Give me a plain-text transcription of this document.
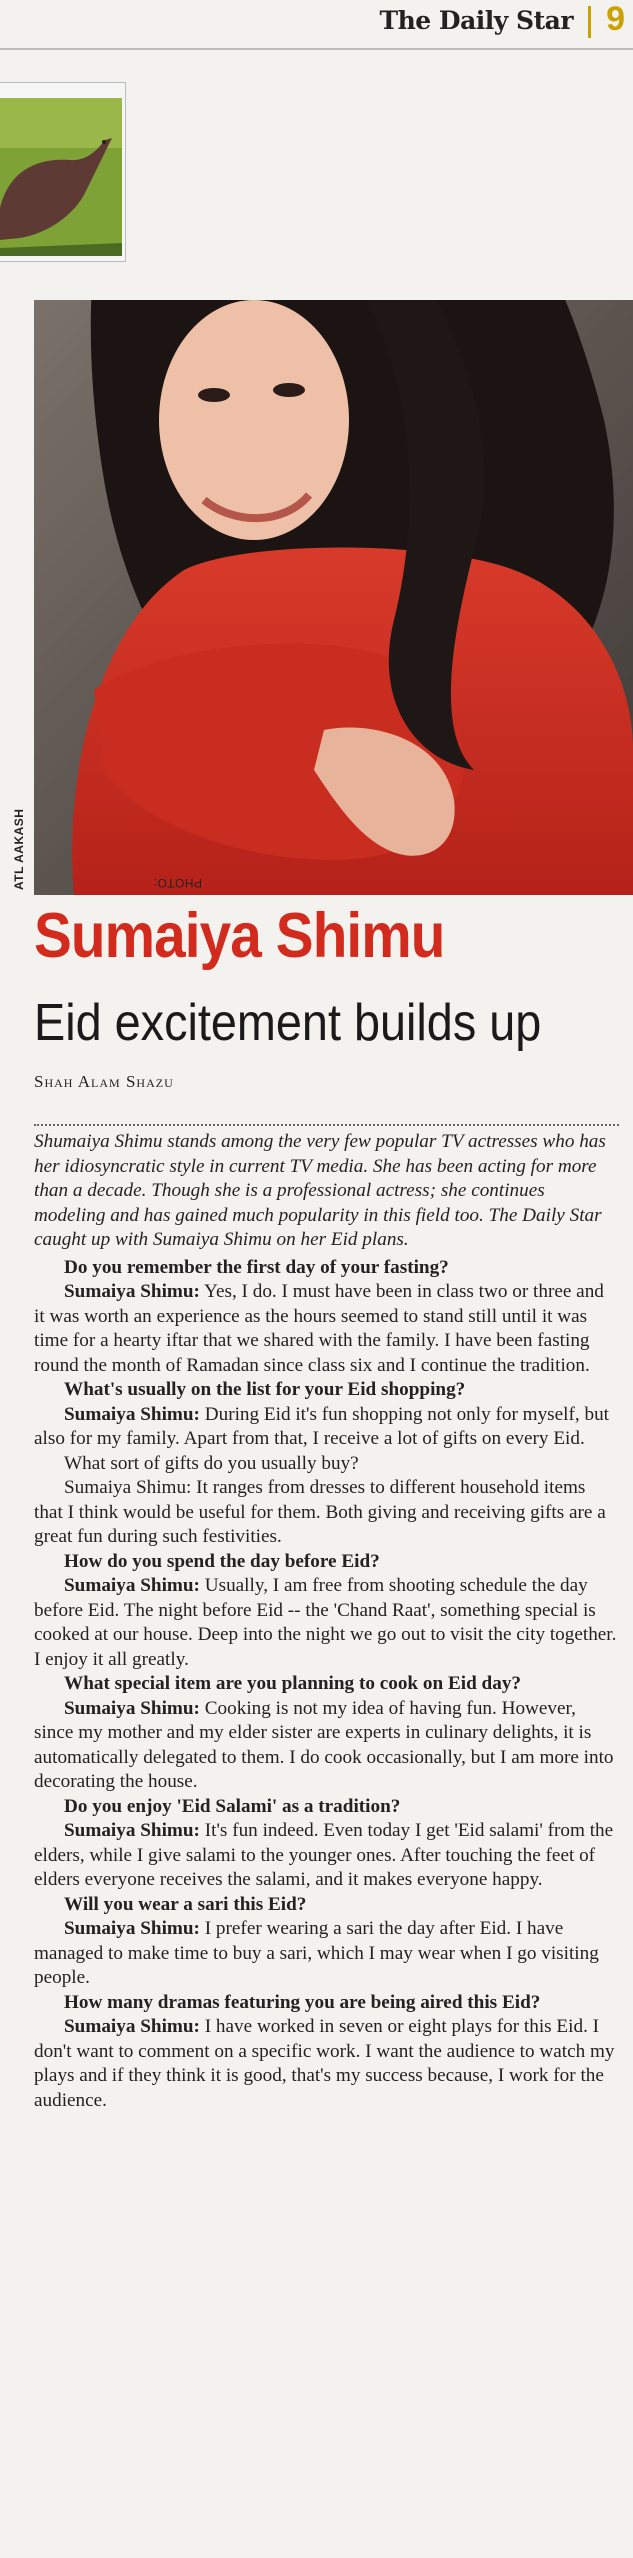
The Daily Star 9
PHOTO:
ATL AAKASH
Sumaiya Shimu
Eid excitement builds up
Shah Alam Shazu

Shumaiya Shimu stands among the very few popular TV actresses who has her idiosyncratic style in current TV media. She has been acting for more than a decade. Though she is a professional actress; she continues modeling and has gained much popularity in this field too. The Daily Star caught up with Sumaiya Shimu on her Eid plans.

Do you remember the first day of your fasting?

Sumaiya Shimu: Yes, I do. I must have been in class two or three and it was worth an experience as the hours seemed to stand still until it was time for a hearty iftar that we shared with the family. I have been fasting round the month of Ramadan since class six and I continue the tradition.

What's usually on the list for your Eid shopping?

Sumaiya Shimu: During Eid it's fun shopping not only for myself, but also for my family. Apart from that, I receive a lot of gifts on every Eid.

What sort of gifts do you usually buy?

Sumaiya Shimu: It ranges from dresses to different household items that I think would be useful for them. Both giving and receiving gifts are a great fun during such festivities.

How do you spend the day before Eid?

Sumaiya Shimu: Usually, I am free from shooting schedule the day before Eid. The night before Eid -- the 'Chand Raat', something special is cooked at our house. Deep into the night we go out to visit the city together. I enjoy it all greatly.

What special item are you planning to cook on Eid day?

Sumaiya Shimu: Cooking is not my idea of having fun. However, since my mother and my elder sister are experts in culinary delights, it is automatically delegated to them. I do cook occasionally, but I am more into decorating the house.

Do you enjoy 'Eid Salami' as a tradition?

Sumaiya Shimu: It's fun indeed. Even today I get 'Eid salami' from the elders, while I give salami to the younger ones. After touching the feet of elders everyone receives the salami, and it makes everyone happy.

Will you wear a sari this Eid?

Sumaiya Shimu: I prefer wearing a sari the day after Eid. I have managed to make time to buy a sari, which I may wear when I go visiting people.

How many dramas featuring you are being aired this Eid?

Sumaiya Shimu: I have worked in seven or eight plays for this Eid. I don't want to comment on a specific work. I want the audience to watch my plays and if they think it is good, that's my success because, I work for the audience.
